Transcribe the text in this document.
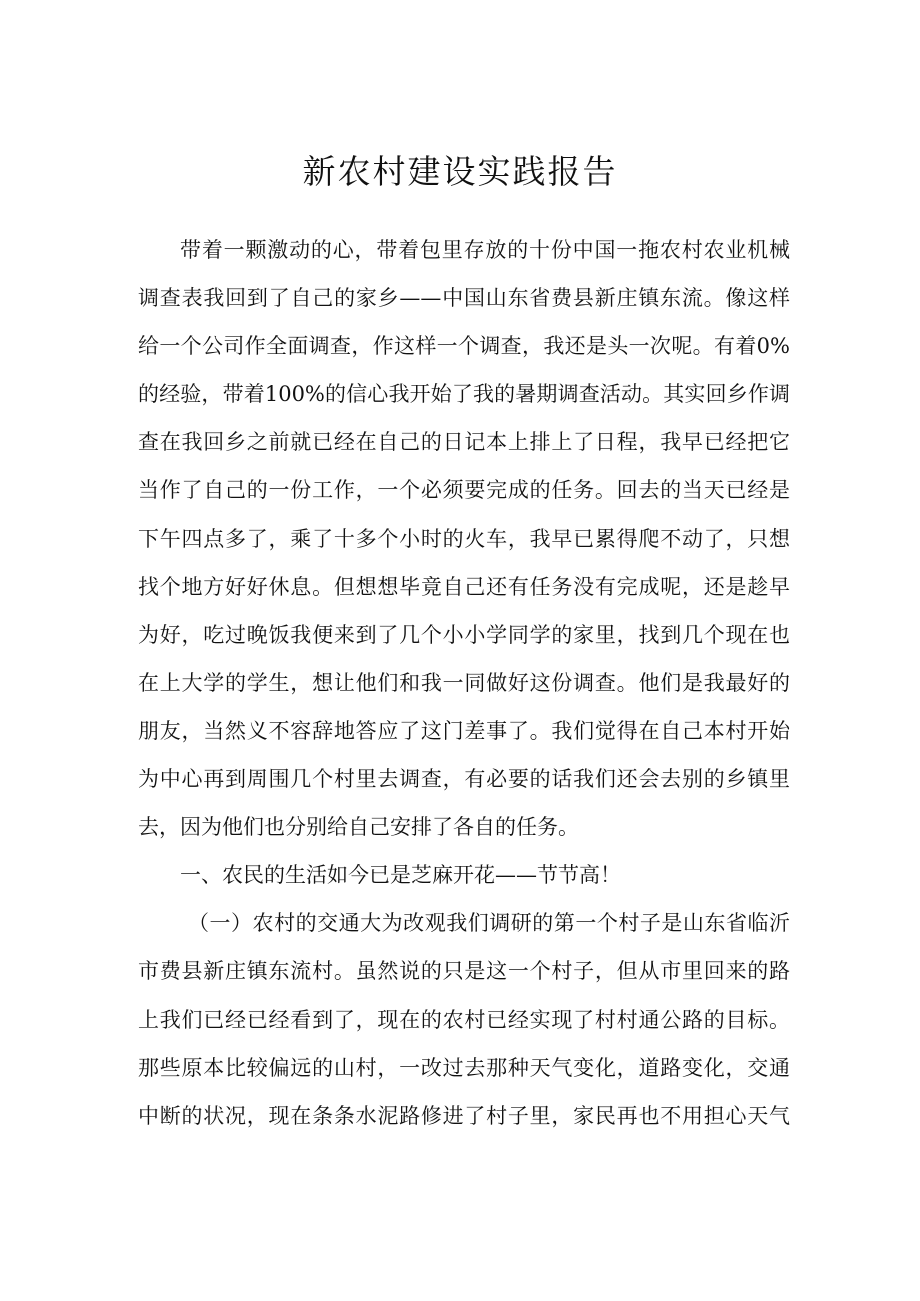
新农村建设实践报告
带着一颗激动的心，带着包里存放的十份中国一拖农村农业机械
调查表我回到了自己的家乡——中国山东省费县新庄镇东流。像这样
给一个公司作全面调查，作这样一个调查，我还是头一次呢。有着0%
的经验，带着100%的信心我开始了我的暑期调查活动。其实回乡作调
查在我回乡之前就已经在自己的日记本上排上了日程，我早已经把它
当作了自己的一份工作，一个必须要完成的任务。回去的当天已经是
下午四点多了，乘了十多个小时的火车，我早已累得爬不动了，只想
找个地方好好休息。但想想毕竟自己还有任务没有完成呢，还是趁早
为好，吃过晚饭我便来到了几个小小学同学的家里，找到几个现在也
在上大学的学生，想让他们和我一同做好这份调查。他们是我最好的
朋友，当然义不容辞地答应了这门差事了。我们觉得在自己本村开始
为中心再到周围几个村里去调查，有必要的话我们还会去别的乡镇里
去，因为他们也分别给自己安排了各自的任务。
一、农民的生活如今已是芝麻开花——节节高！
（一）农村的交通大为改观我们调研的第一个村子是山东省临沂
市费县新庄镇东流村。虽然说的只是这一个村子，但从市里回来的路
上我们已经已经看到了，现在的农村已经实现了村村通公路的目标。
那些原本比较偏远的山村，一改过去那种天气变化，道路变化，交通
中断的状况，现在条条水泥路修进了村子里，家民再也不用担心天气
